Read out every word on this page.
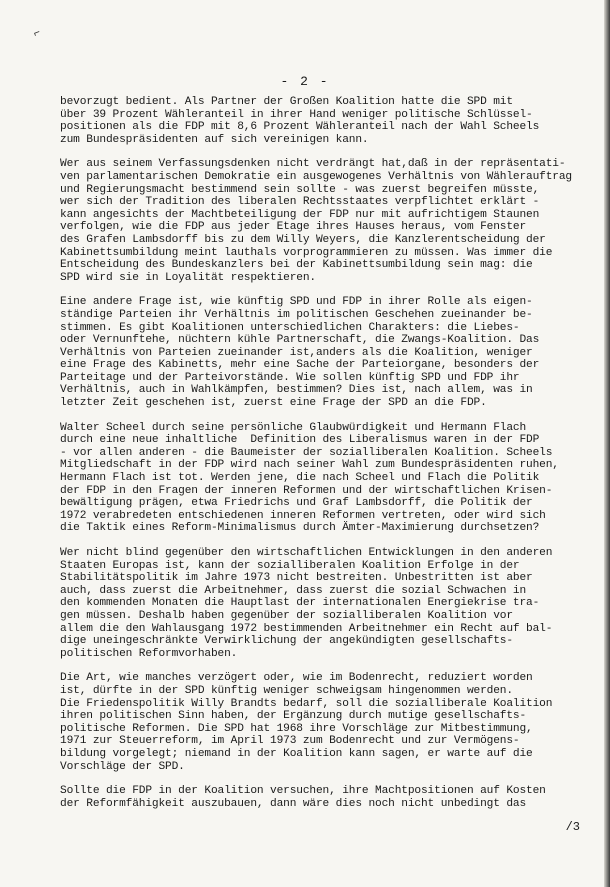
⌐
- 2 -

bevorzugt bedient. Als Partner der Großen Koalition hatte die SPD mit
über 39 Prozent Wähleranteil in ihrer Hand weniger politische Schlüssel-
positionen als die FDP mit 8,6 Prozent Wähleranteil nach der Wahl Scheels
zum Bundespräsidenten auf sich vereinigen kann.

Wer aus seinem Verfassungsdenken nicht verdrängt hat,daß in der repräsentati-
ven parlamentarischen Demokratie ein ausgewogenes Verhältnis von Wählerauftrag
und Regierungsmacht bestimmend sein sollte - was zuerst begreifen müsste,
wer sich der Tradition des liberalen Rechtsstaates verpflichtet erklärt -
kann angesichts der Machtbeteiligung der FDP nur mit aufrichtigem Staunen
verfolgen, wie die FDP aus jeder Etage ihres Hauses heraus, vom Fenster
des Grafen Lambsdorff bis zu dem Willy Weyers, die Kanzlerentscheidung der
Kabinettsumbildung meint lauthals vorprogrammieren zu müssen. Was immer die
Entscheidung des Bundeskanzlers bei der Kabinettsumbildung sein mag: die
SPD wird sie in Loyalität respektieren.

Eine andere Frage ist, wie künftig SPD und FDP in ihrer Rolle als eigen-
ständige Parteien ihr Verhältnis im politischen Geschehen zueinander be-
stimmen. Es gibt Koalitionen unterschiedlichen Charakters: die Liebes-
oder Vernunftehe, nüchtern kühle Partnerschaft, die Zwangs-Koalition. Das
Verhältnis von Parteien zueinander ist,anders als die Koalition, weniger
eine Frage des Kabinetts, mehr eine Sache der Parteiorgane, besonders der
Parteitage und der Parteivorstände. Wie sollen künftig SPD und FDP ihr
Verhältnis, auch in Wahlkämpfen, bestimmen? Dies ist, nach allem, was in
letzter Zeit geschehen ist, zuerst eine Frage der SPD an die FDP.

Walter Scheel durch seine persönliche Glaubwürdigkeit und Hermann Flach
durch eine neue inhaltliche  Definition des Liberalismus waren in der FDP
- vor allen anderen - die Baumeister der sozialliberalen Koalition. Scheels
Mitgliedschaft in der FDP wird nach seiner Wahl zum Bundespräsidenten ruhen,
Hermann Flach ist tot. Werden jene, die nach Scheel und Flach die Politik
der FDP in den Fragen der inneren Reformen und der wirtschaftlichen Krisen-
bewältigung prägen, etwa Friedrichs und Graf Lambsdorff, die Politik der
1972 verabredeten entschiedenen inneren Reformen vertreten, oder wird sich
die Taktik eines Reform-Minimalismus durch Ämter-Maximierung durchsetzen?

Wer nicht blind gegenüber den wirtschaftlichen Entwicklungen in den anderen
Staaten Europas ist, kann der sozialliberalen Koalition Erfolge in der
Stabilitätspolitik im Jahre 1973 nicht bestreiten. Unbestritten ist aber
auch, dass zuerst die Arbeitnehmer, dass zuerst die sozial Schwachen in
den kommenden Monaten die Hauptlast der internationalen Energiekrise tra-
gen müssen. Deshalb haben gegenüber der sozialliberalen Koalition vor
allem die den Wahlausgang 1972 bestimmenden Arbeitnehmer ein Recht auf bal-
dige uneingeschränkte Verwirklichung der angekündigten gesellschafts-
politischen Reformvorhaben.

Die Art, wie manches verzögert oder, wie im Bodenrecht, reduziert worden
ist, dürfte in der SPD künftig weniger schweigsam hingenommen werden.
Die Friedenspolitik Willy Brandts bedarf, soll die sozialliberale Koalition
ihren politischen Sinn haben, der Ergänzung durch mutige gesellschafts-
politische Reformen. Die SPD hat 1968 ihre Vorschläge zur Mitbestimmung,
1971 zur Steuerreform, im April 1973 zum Bodenrecht und zur Vermögens-
bildung vorgelegt; niemand in der Koalition kann sagen, er warte auf die
Vorschläge der SPD.

Sollte die FDP in der Koalition versuchen, ihre Machtpositionen auf Kosten
der Reformfähigkeit auszubauen, dann wäre dies noch nicht unbedingt das

/3
